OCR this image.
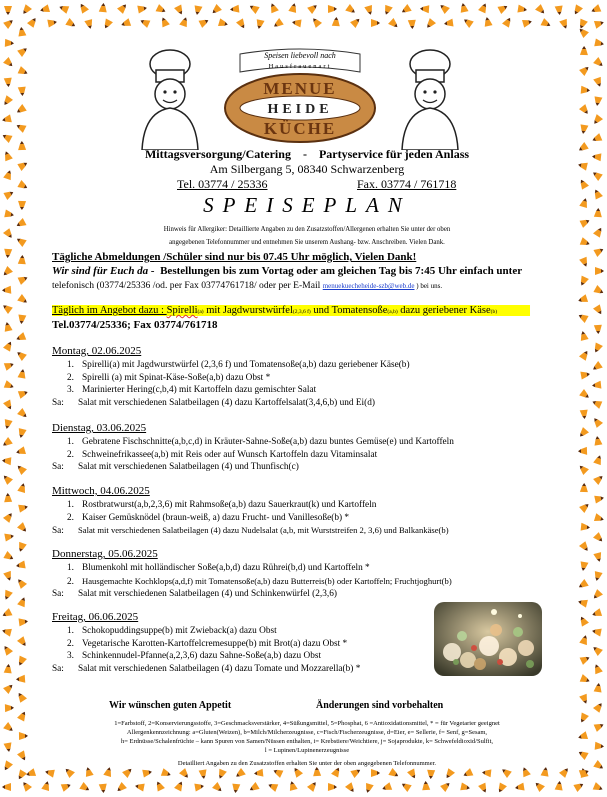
Speisen liebevoll nach
Hausfrauenart
MENUE
HEIDE
KÜCHE
Mittagsversorgung/Catering    -    Partyservice für jeden Anlass
Am Silbergang 5, 08340 Schwarzenberg
Tel. 03774 / 25336	Fax. 03774 / 761718
SPEISEPLAN
Hinweis für Allergiker: Detaillierte Angaben zu den Zusatzstoffen/Allergenen erhalten Sie unter der oben
angegebenen Telefonnummer und entnehmen Sie unserem Aushang- bzw. Anschreiben. Vielen Dank.
Tägliche Abmeldungen /Schüler sind nur bis 07.45 Uhr möglich, Vielen Dank!
Wir sind für Euch da -  Bestellungen bis zum Vortag oder am gleichen Tag bis 7:45 Uhr einfach unter
telefonisch (03774/25336 /od. per Fax 03774761718/ oder per E-Mail menuekuecheheide-szb@web.de ) bei uns.
Täglich im Angebot dazu : Spirelli(a) mit Jagdwurstwürfel(2,3,6 f) und Tomatensoße(a,b) dazu geriebener Käse(b)
Tel.03774/25336; Fax 03774/761718
Montag, 02.06.2025
1. Spirelli(a) mit Jagdwurstwürfel (2,3,6 f) und Tomatensoße(a,b) dazu geriebener Käse(b)
2. Spirelli (a) mit Spinat-Käse-Soße(a,b) dazu Obst *
3. Marinierter Hering(c,b,4) mit Kartoffeln dazu gemischter Salat
Sa: Salat mit verschiedenen Salatbeilagen (4) dazu Kartoffelsalat(3,4,6,b) und Ei(d)
Dienstag, 03.06.2025
1. Gebratene Fischschnitte(a,b,c,d) in Kräuter-Sahne-Soße(a,b) dazu buntes Gemüse(e) und Kartoffeln
2. Schweinefrikassee(a,b) mit Reis oder auf Wunsch Kartoffeln dazu Vitaminsalat
Sa: Salat mit verschiedenen Salatbeilagen (4) und Thunfisch(c)
Mittwoch, 04.06.2025
1. Rostbratwurst(a,b,2,3,6) mit Rahmsoße(a,b) dazu Sauerkraut(k) und Kartoffeln
2. Kaiser Gemüsknödel (braun-weiß, a) dazu Frucht- und Vanillesoße(b) *
Sa: Salat mit verschiedenen Salatbeilagen (4) dazu Nudelsalat (a,b, mit Wurststreifen 2, 3,6) und Balkankäse(b)
Donnerstag, 05.06.2025
1. Blumenkohl mit holländischer Soße(a,b,d) dazu Rührei(b,d) und Kartoffeln *
2. Hausgemachte Kochklops(a,d,f) mit Tomatensoße(a,b) dazu Butterreis(b) oder Kartoffeln; Fruchtjoghurt(b)
Sa: Salat mit verschiedenen Salatbeilagen (4) und Schinkenwürfel (2,3,6)
Freitag, 06.06.2025
1. Schokopuddingsuppe(b) mit Zwieback(a) dazu Obst
2. Vegetarische Karotten-Kartoffelcremesuppe(b) mit Brot(a) dazu Obst *
3. Schinkennudel-Pfanne(a,2,3,6) dazu Sahne-Soße(a,b) dazu Obst
Sa: Salat mit verschiedenen Salatbeilagen (4) dazu Tomate und Mozzarella(b) *
Wir wünschen guten Appetit	Änderungen sind vorbehalten
1=Farbstoff, 2=Konservierungsstoffe, 3=Geschmacksverstärker, 4=Süßungsmittel, 5=Phosphat, 6 =Antioxidationsmittel, * = für Vegetarier geeignet
Allergenkennzeichnung: a=Gluten(Weizen), b=Milch/Milcherzeugnisse, c=Fisch/Fischerzeugnisse, d=Eier, e= Sellerie, f= Senf, g=Sesam,
h= Erdnüsse/Schalenfrüchte – kann Spuren von Samen/Nüssen enthalten, i= Krebstiere/Weichtiere, j= Sojaprodukte, k= Schwefeldioxid/Sulfit,
l = Lupinen/Lupinenerzeugnisse
Detailliert Angaben zu den Zusatzstoffen erhalten Sie unter der oben angegebenen Telefonnummer.
